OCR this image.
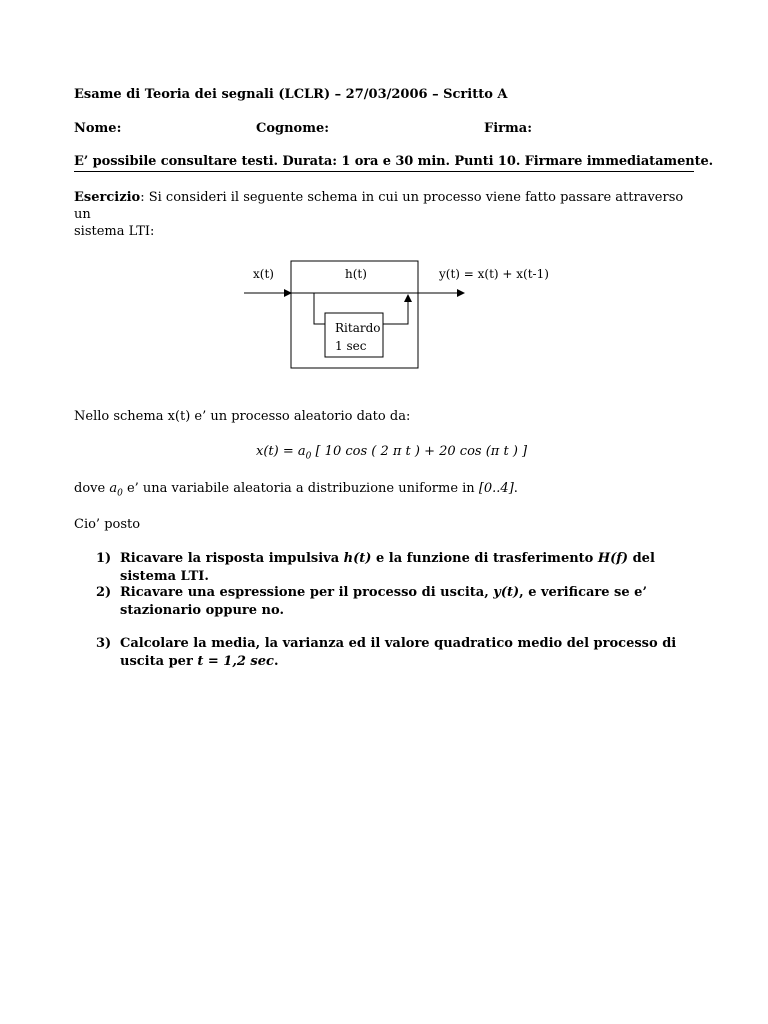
Esame di Teoria dei segnali (LCLR) – 27/03/2006 – Scritto A
Nome:	Cognome:	Firma:
E’ possibile consultare testi. Durata: 1 ora e 30 min. Punti 10. Firmare immediatamente.
Esercizio: Si consideri il seguente schema in cui un processo viene fatto passare attraverso un
sistema LTI:
Ritardo
1 sec
x(t)	h(t)	y(t) = x(t) + x(t-1)
Nello schema x(t) e’ un processo aleatorio dato da:
$x(t) = a_0$ [ 10 cos ( 2 π t ) + 20 cos (π t ) ]
dove $a_0$ e’ una variabile aleatoria a distribuzione uniforme in [0..4].
Cio’ posto
1) Ricavare la risposta impulsiva h(t) e la funzione di trasferimento H(f) del sistema LTI.
2) Ricavare una espressione per il processo di uscita, y(t), e verificare se e’ stazionario oppure no.
3) Calcolare la media, la varianza ed il valore quadratico medio del processo di uscita per t = 1,2 sec.
